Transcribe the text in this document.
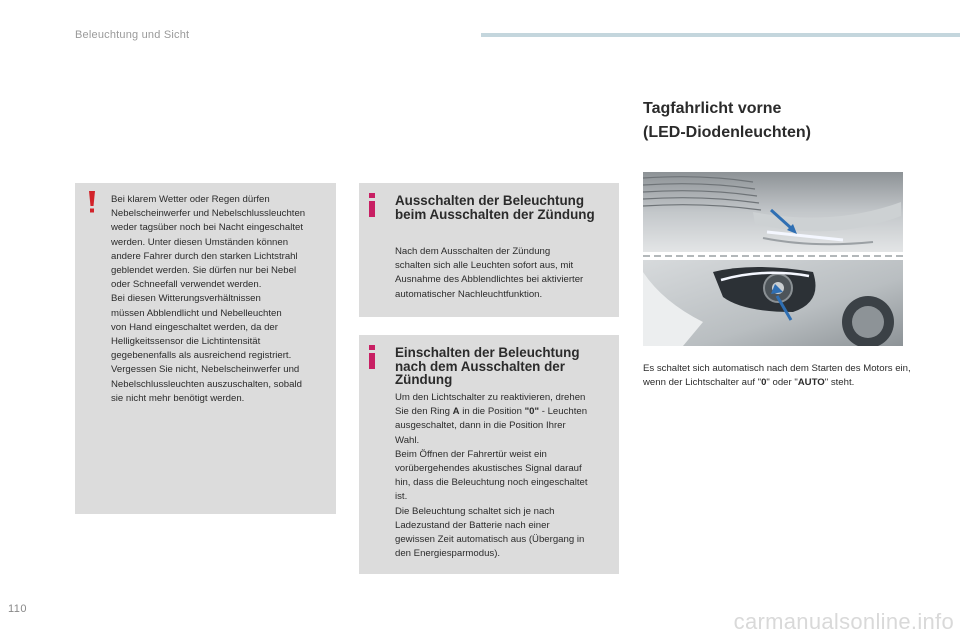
Beleuchtung und Sicht
Bei klarem Wetter oder Regen dürfen
Nebelscheinwerfer und Nebelschlussleuchten
weder tagsüber noch bei Nacht eingeschaltet
werden. Unter diesen Umständen können
andere Fahrer durch den starken Lichtstrahl
geblendet werden. Sie dürfen nur bei Nebel
oder Schneefall verwendet werden.
Bei diesen Witterungsverhältnissen
müssen Abblendlicht und Nebelleuchten
von Hand eingeschaltet werden, da der
Helligkeitssensor die Lichtintensität
gegebenenfalls als ausreichend registriert.
Vergessen Sie nicht, Nebelscheinwerfer und
Nebelschlussleuchten auszuschalten, sobald
sie nicht mehr benötigt werden.
Ausschalten der Beleuchtung beim Ausschalten der Zündung
Nach dem Ausschalten der Zündung
schalten sich alle Leuchten sofort aus, mit
Ausnahme des Abblendlichtes bei aktivierter
automatischer Nachleuchtfunktion.
Einschalten der Beleuchtung nach dem Ausschalten der Zündung
Um den Lichtschalter zu reaktivieren, drehen
Sie den Ring A in die Position "0" - Leuchten
ausgeschaltet, dann in die Position Ihrer
Wahl.
Beim Öffnen der Fahrertür weist ein
vorübergehendes akustisches Signal darauf
hin, dass die Beleuchtung noch eingeschaltet
ist.
Die Beleuchtung schaltet sich je nach
Ladezustand der Batterie nach einer
gewissen Zeit automatisch aus (Übergang in
den Energiesparmodus).
Tagfahrlicht vorne
(LED-Diodenleuchten)
Es schaltet sich automatisch nach dem Starten des Motors ein, wenn der Lichtschalter auf "0" oder "AUTO" steht.
110	carmanualsonline.info
